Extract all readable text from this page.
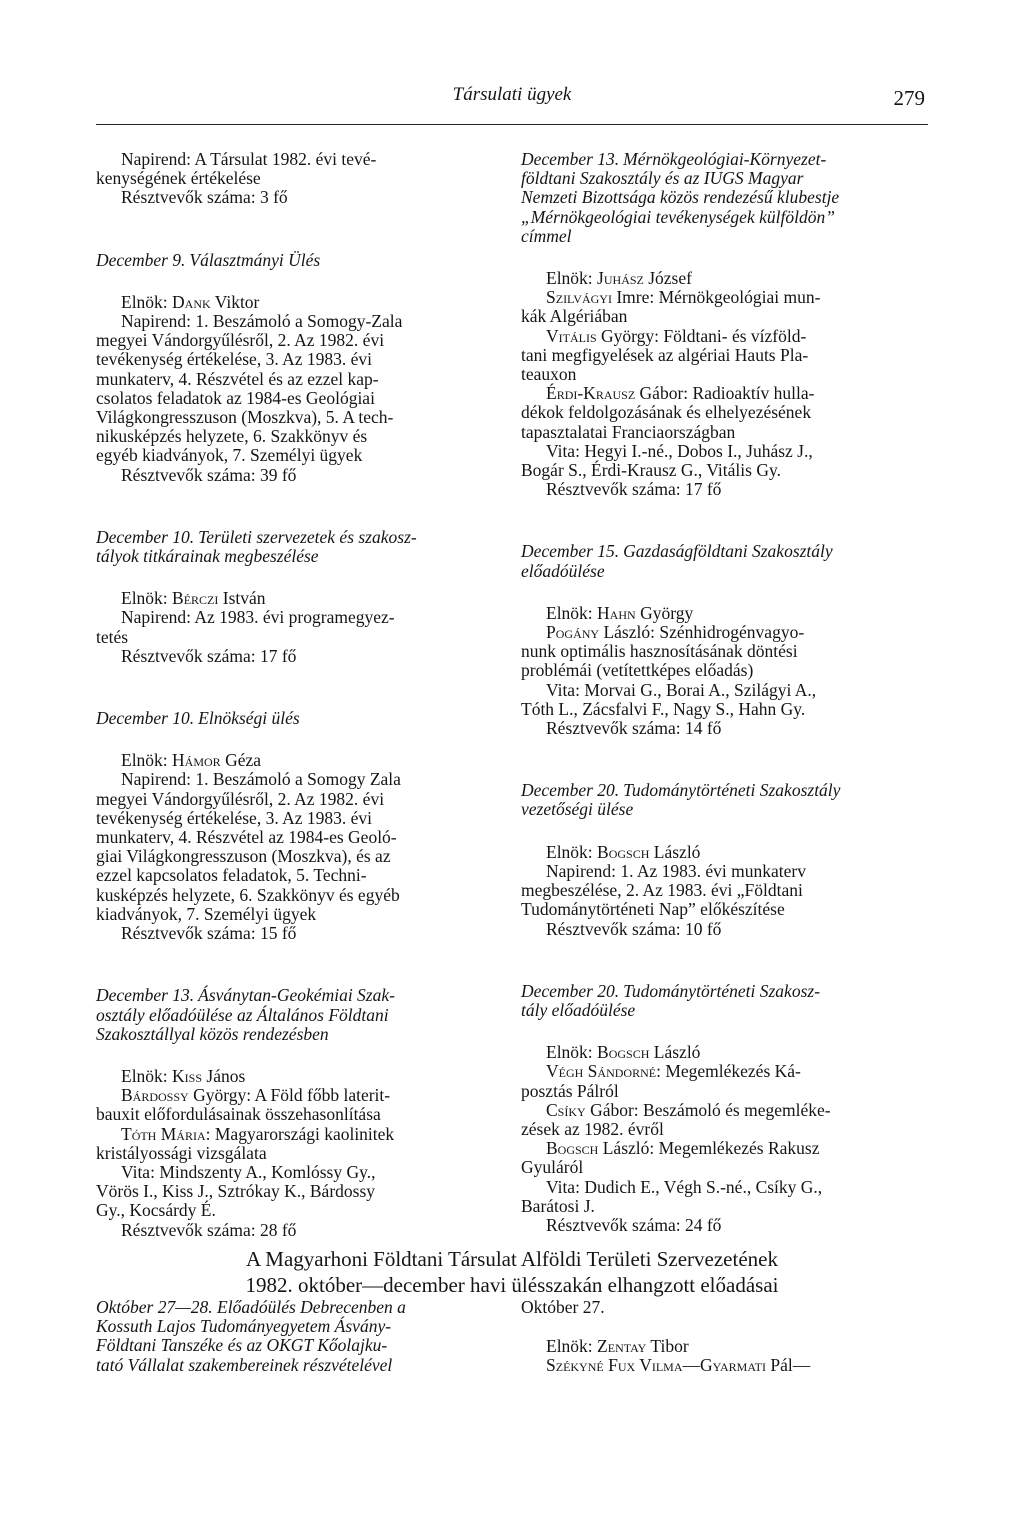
Társulati ügyek	279
Napirend: A Társulat 1982. évi tevé-
kenységének értékelése
Résztvevők száma: 3 fő
December 9. Választmányi Ülés
Elnök: Dank Viktor
Napirend: 1. Beszámoló a Somogy-Zala
megyei Vándorgyűlésről, 2. Az 1982. évi
tevékenység értékelése, 3. Az 1983. évi
munkaterv, 4. Részvétel és az ezzel kap-
csolatos feladatok az 1984-es Geológiai
Világkongresszuson (Moszkva), 5. A tech-
nikusképzés helyzete, 6. Szakkönyv és
egyéb kiadványok, 7. Személyi ügyek
Résztvevők száma: 39 fő
December 10. Területi szervezetek és szakosz-
tályok titkárainak megbeszélése
Elnök: Bérczi István
Napirend: Az 1983. évi programegyez-
tetés
Résztvevők száma: 17 fő
December 10. Elnökségi ülés
Elnök: Hámor Géza
Napirend: 1. Beszámoló a Somogy Zala
megyei Vándorgyűlésről, 2. Az 1982. évi
tevékenység értékelése, 3. Az 1983. évi
munkaterv, 4. Részvétel az 1984-es Geoló-
giai Világkongresszuson (Moszkva), és az
ezzel kapcsolatos feladatok, 5. Techni-
kusképzés helyzete, 6. Szakkönyv és egyéb
kiadványok, 7. Személyi ügyek
Résztvevők száma: 15 fő
December 13. Ásványtan-Geokémiai Szak-
osztály előadóülése az Általános Földtani
Szakosztállyal közös rendezésben
Elnök: Kiss János
Bárdossy György: A Föld főbb laterit-
bauxit előfordulásainak összehasonlítása
Tóth Mária: Magyarországi kaolinitek
kristályossági vizsgálata
Vita: Mindszenty A., Komlóssy Gy.,
Vörös I., Kiss J., Sztrókay K., Bárdossy
Gy., Kocsárdy É.
Résztvevők száma: 28 fő
December 13. Mérnökgeológiai-Környezet-
földtani Szakosztály és az IUGS Magyar
Nemzeti Bizottsága közös rendezésű klubestje
„Mérnökgeológiai tevékenységek külföldön”
címmel
Elnök: Juhász József
Szilvágyi Imre: Mérnökgeológiai mun-
kák Algériában
Vitális György: Földtani- és vízföld-
tani megfigyelések az algériai Hauts Pla-
teauxon
Érdi-Krausz Gábor: Radioaktív hulla-
dékok feldolgozásának és elhelyezésének
tapasztalatai Franciaországban
Vita: Hegyi I.-né., Dobos I., Juhász J.,
Bogár S., Érdi-Krausz G., Vitális Gy.
Résztvevők száma: 17 fő
December 15. Gazdaságföldtani Szakosztály
előadóülése
Elnök: Hahn György
Pogány László: Szénhidrogénvagyo-
nunk optimális hasznosításának döntési
problémái (vetítettképes előadás)
Vita: Morvai G., Borai A., Szilágyi A.,
Tóth L., Zácsfalvi F., Nagy S., Hahn Gy.
Résztvevők száma: 14 fő
December 20. Tudománytörténeti Szakosztály
vezetőségi ülése
Elnök: Bogsch László
Napirend: 1. Az 1983. évi munkaterv
megbeszélése, 2. Az 1983. évi „Földtani
Tudománytörténeti Nap” előkészítése
Résztvevők száma: 10 fő
December 20. Tudománytörténeti Szakosz-
tály előadóülése
Elnök: Bogsch László
Végh Sándorné: Megemlékezés Ká-
posztás Pálról
Csíky Gábor: Beszámoló és megemléke-
zések az 1982. évről
Bogsch László: Megemlékezés Rakusz
Gyuláról
Vita: Dudich E., Végh S.-né., Csíky G.,
Barátosi J.
Résztvevők száma: 24 fő
A Magyarhoni Földtani Társulat Alföldi Területi Szervezetének
1982. október—december havi ülésszakán elhangzott előadásai
Október 27—28. Előadóülés Debrecenben a
Kossuth Lajos Tudományegyetem Ásvány-
Földtani Tanszéke és az OKGT Kőolajku-
tató Vállalat szakembereinek részvételével
Október 27.
Elnök: Zentay Tibor
Székyné Fux Vilma—Gyarmati Pál—
